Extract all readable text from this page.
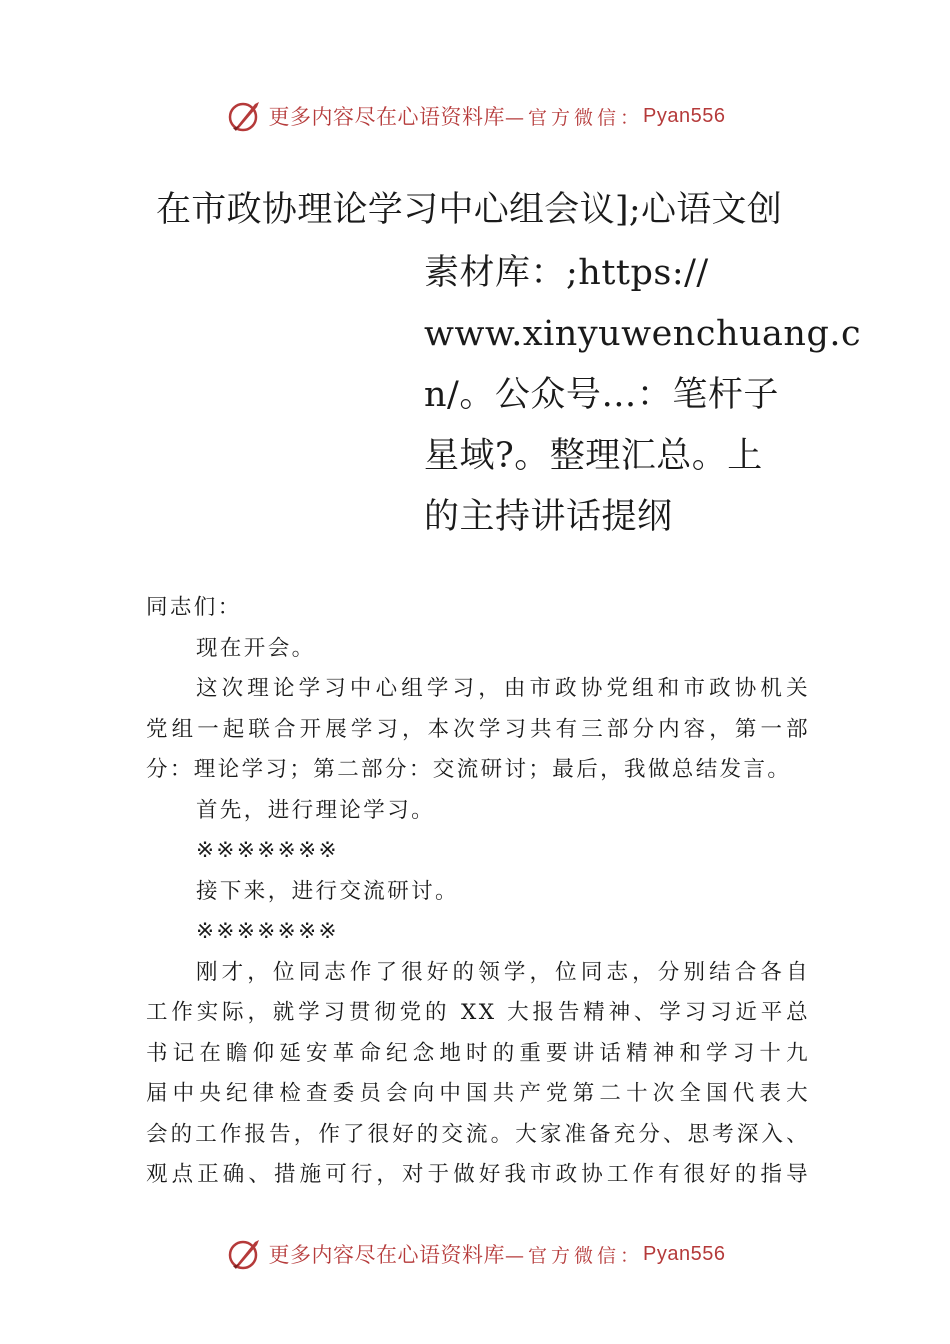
更多内容尽在心语资料库 —官方微信： Pyan556
在市政协理论学习中心组会议];心语文创
素材库：;https://
www.xinyuwenchuang.c
n/。公众号…：笔杆子
星域?。整理汇总。上
的主持讲话提纲
同志们：
现在开会。
这次理论学习中心组学习，由市政协党组和市政协机关
党组一起联合开展学习，本次学习共有三部分内容，第一部
分：理论学习；第二部分：交流研讨；最后，我做总结发言。
首先，进行理论学习。
※※※※※※※
接下来，进行交流研讨。
※※※※※※※
刚才，位同志作了很好的领学，位同志，分别结合各自
工作实际，就学习贯彻党的 XX 大报告精神、学习习近平总
书记在瞻仰延安革命纪念地时的重要讲话精神和学习十九
届中央纪律检查委员会向中国共产党第二十次全国代表大
会的工作报告，作了很好的交流。大家准备充分、思考深入、
观点正确、措施可行，对于做好我市政协工作有很好的指导
更多内容尽在心语资料库 —官方微信： Pyan556
